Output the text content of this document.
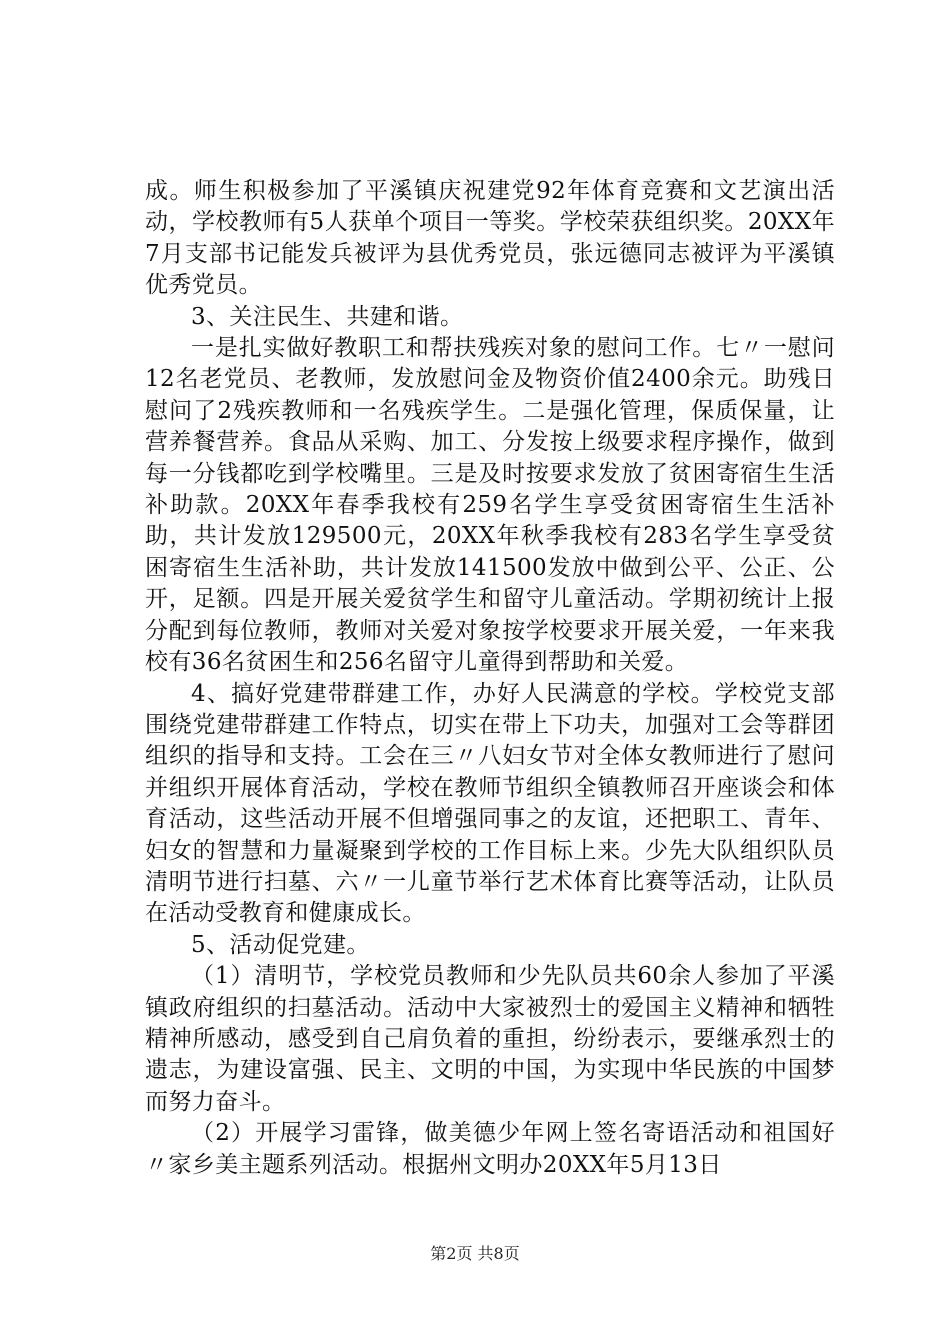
成。师生积极参加了平溪镇庆祝建党92年体育竞赛和文艺演出活动，学校教师有5人获单个项目一等奖。学校荣获组织奖。20XX年7月支部书记能发兵被评为县优秀党员，张远德同志被评为平溪镇优秀党员。

3、关注民生、共建和谐。

一是扎实做好教职工和帮扶残疾对象的慰问工作。七〃一慰问12名老党员、老教师，发放慰问金及物资价值2400余元。助残日慰问了2残疾教师和一名残疾学生。二是强化管理，保质保量，让营养餐营养。食品从采购、加工、分发按上级要求程序操作，做到每一分钱都吃到学校嘴里。三是及时按要求发放了贫困寄宿生生活补助款。20XX年春季我校有259名学生享受贫困寄宿生生活补助，共计发放129500元，20XX年秋季我校有283名学生享受贫困寄宿生生活补助，共计发放141500发放中做到公平、公正、公开，足额。四是开展关爱贫学生和留守儿童活动。学期初统计上报分配到每位教师，教师对关爱对象按学校要求开展关爱，一年来我校有36名贫困生和256名留守儿童得到帮助和关爱。

4、搞好党建带群建工作，办好人民满意的学校。学校党支部围绕党建带群建工作特点，切实在带上下功夫，加强对工会等群团组织的指导和支持。工会在三〃八妇女节对全体女教师进行了慰问并组织开展体育活动，学校在教师节组织全镇教师召开座谈会和体育活动，这些活动开展不但增强同事之的友谊，还把职工、青年、妇女的智慧和力量凝聚到学校的工作目标上来。少先大队组织队员清明节进行扫墓、六〃一儿童节举行艺术体育比赛等活动，让队员在活动受教育和健康成长。

5、活动促党建。

（1）清明节，学校党员教师和少先队员共60余人参加了平溪镇政府组织的扫墓活动。活动中大家被烈士的爱国主义精神和牺牲精神所感动，感受到自己肩负着的重担，纷纷表示，要继承烈士的遗志，为建设富强、民主、文明的中国，为实现中华民族的中国梦而努力奋斗。

（2）开展学习雷锋，做美德少年网上签名寄语活动和祖国好〃家乡美主题系列活动。根据州文明办20XX年5月13日

第2页 共8页
